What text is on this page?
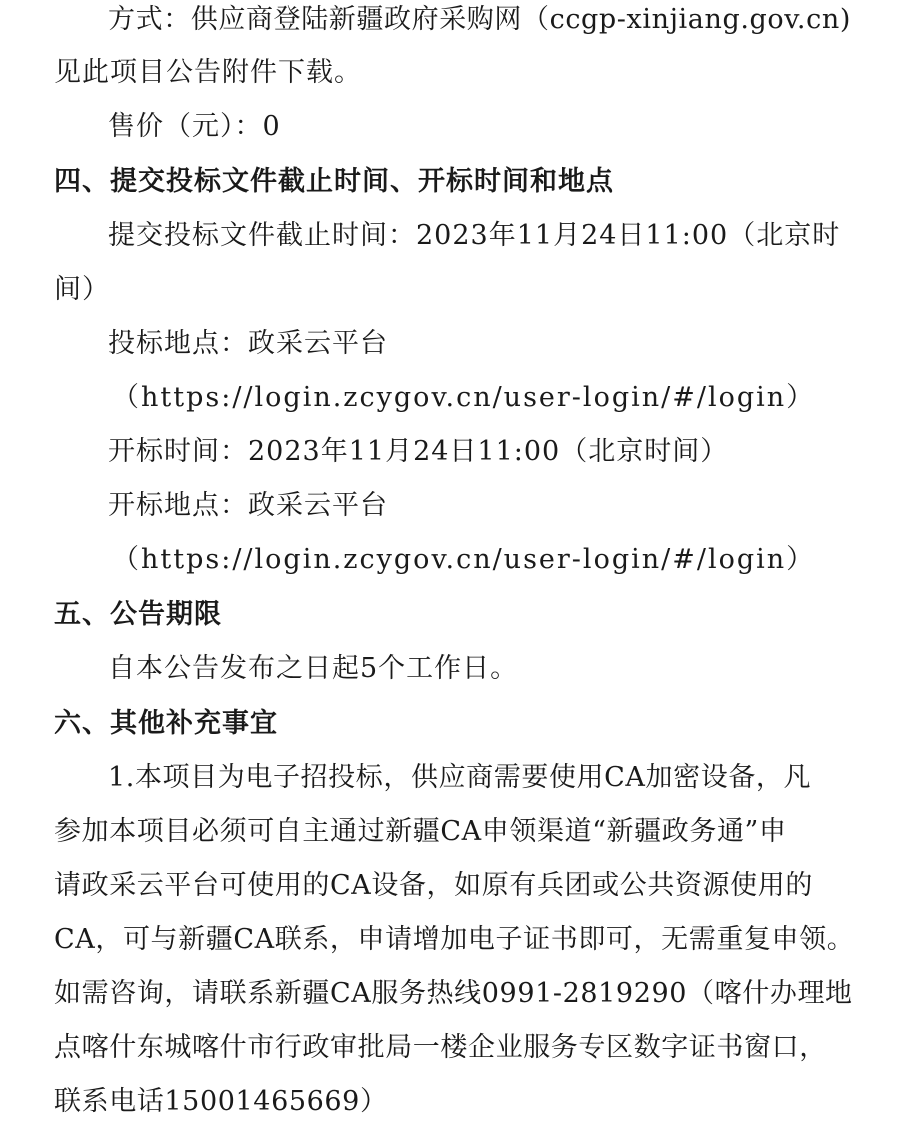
方式：供应商登陆新疆政府采购网（ccgp-xinjiang.gov.cn)
见此项目公告附件下载。
售价（元）：0
四、提交投标文件截止时间、开标时间和地点
提交投标文件截止时间：2023年11月24日11:00（北京时
间）
投标地点：政采云平台
（https://login.zcygov.cn/user-login/#/login）
开标时间：2023年11月24日11:00（北京时间）
开标地点：政采云平台
（https://login.zcygov.cn/user-login/#/login）
五、公告期限
自本公告发布之日起5个工作日。
六、其他补充事宜
1.本项目为电子招投标，供应商需要使用CA加密设备，凡
参加本项目必须可自主通过新疆CA申领渠道“新疆政务通”申
请政采云平台可使用的CA设备，如原有兵团或公共资源使用的
CA，可与新疆CA联系，申请增加电子证书即可，无需重复申领。
如需咨询，请联系新疆CA服务热线0991-2819290（喀什办理地
点喀什东城喀什市行政审批局一楼企业服务专区数字证书窗口，
联系电话15001465669）
